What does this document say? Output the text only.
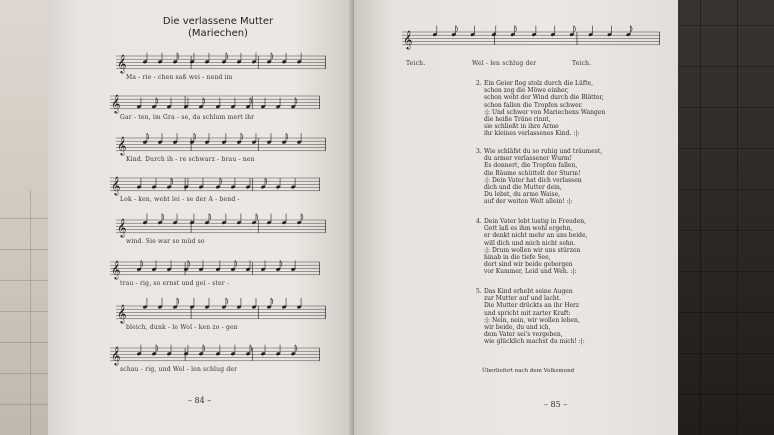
Die verlassene Mutter
(Mariechen)
𝄞
Ma - rie - chen saß wei - nend im
𝄞
Gar - ten, im Gra - se, da schlum mert ihr
𝄞
Kind. Durch ih - re schwarz - brau - nen
𝄞
Lok - ken, weht lei - se der A - bend -
𝄞
wind. Sie war so müd so
𝄞
trau - rig, so ernst und gei - ster -
𝄞
bleich, dunk - le Wol - ken zo - gen
𝄞
schau - rig, und Wel - len schlug der
– 84 –
𝄞
Teich.	Wel - len schlug der	Teich.
2. Ein Geier flog stolz durch die Lüfte,
schon zog die Möwe einher,
schon weht der Wind durch die Blätter,
schon fallen die Tropfen schwer.
:|: Und schwer von Mariechens Wangen
die heiße Träne rinnt,
sie schließt in ihre Arme
ihr kleines verlassenes Kind. :|:
3. Wie schläfst du so ruhig und träumest,
du armer verlassener Wurm!
Es donnert, die Tropfen fallen,
die Bäume schüttelt der Sturm!
:|: Dein Vater hat dich verlassen
dich und die Mutter dein,
Du lebst, du arme Waise,
auf der weiten Welt allein! :|:
4. Dein Vater lebt lustig in Freuden,
Gott laß es ihm wohl ergehn,
er denkt nicht mehr an uns beide,
will dich und mich nicht sehn.
:|: Drum wollen wir uns stürzen
hinab in die tiefe See,
dort sind wir beide geborgen
vor Kummer, Leid und Weh. :|:
5. Das Kind erhebt seine Augen
zur Mutter auf und lacht.
Die Mutter drückts an ihr Herz
und spricht mit zarter Kraft:
:|: Nein, nein, wir wollen leben,
wir beide, du und ich,
dem Vater sei's vergeben,
wie glücklich machst du mich! :|:
Überliefert nach dem Volksmund
– 85 –
